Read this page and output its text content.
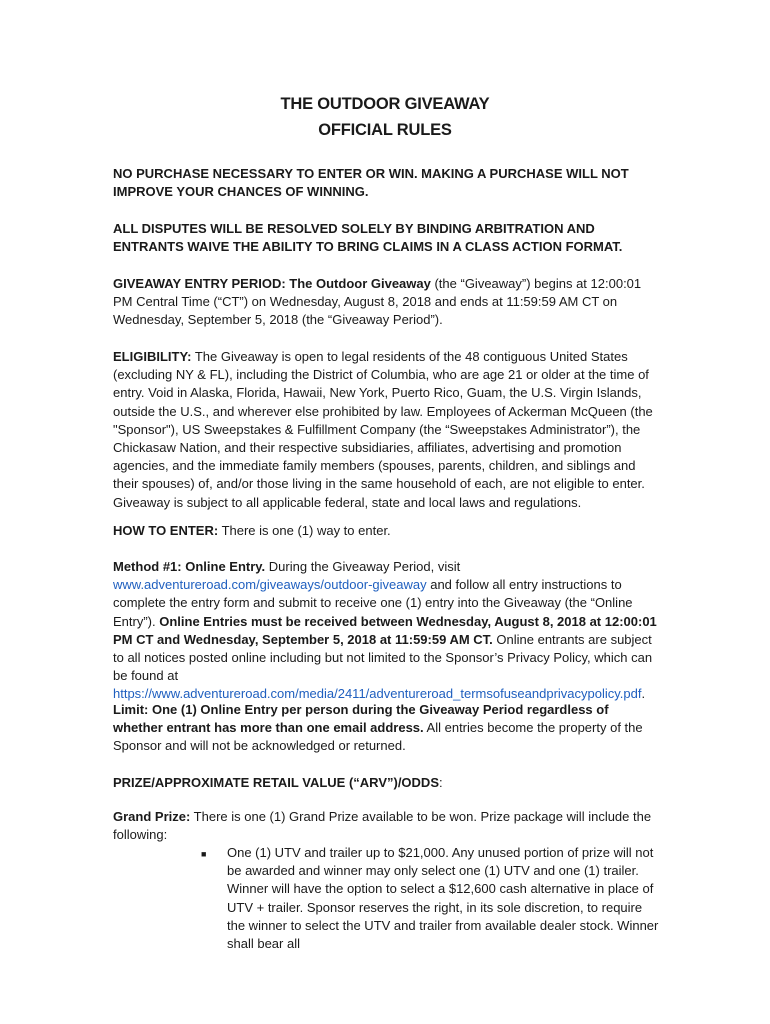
THE OUTDOOR GIVEAWAY
OFFICIAL RULES
NO PURCHASE NECESSARY TO ENTER OR WIN. MAKING A PURCHASE WILL NOT IMPROVE YOUR CHANCES OF WINNING.
ALL DISPUTES WILL BE RESOLVED SOLELY BY BINDING ARBITRATION AND ENTRANTS WAIVE THE ABILITY TO BRING CLAIMS IN A CLASS ACTION FORMAT.
GIVEAWAY ENTRY PERIOD: The Outdoor Giveaway (the “Giveaway”) begins at 12:00:01 PM Central Time (“CT”) on Wednesday, August 8, 2018 and ends at 11:59:59 AM CT on Wednesday, September 5, 2018 (the “Giveaway Period”).
ELIGIBILITY: The Giveaway is open to legal residents of the 48 contiguous United States (excluding NY & FL), including the District of Columbia, who are age 21 or older at the time of entry. Void in Alaska, Florida, Hawaii, New York, Puerto Rico, Guam, the U.S. Virgin Islands, outside the U.S., and wherever else prohibited by law. Employees of Ackerman McQueen (the "Sponsor"), US Sweepstakes & Fulfillment Company (the “Sweepstakes Administrator”), the Chickasaw Nation, and their respective subsidiaries, affiliates, advertising and promotion agencies, and the immediate family members (spouses, parents, children, and siblings and their spouses) of, and/or those living in the same household of each, are not eligible to enter. Giveaway is subject to all applicable federal, state and local laws and regulations.
HOW TO ENTER: There is one (1) way to enter.
Method #1: Online Entry. During the Giveaway Period, visit www.adventureroad.com/giveaways/outdoor-giveaway and follow all entry instructions to complete the entry form and submit to receive one (1) entry into the Giveaway (the “Online Entry”). Online Entries must be received between Wednesday, August 8, 2018 at 12:00:01 PM CT and Wednesday, September 5, 2018 at 11:59:59 AM CT. Online entrants are subject to all notices posted online including but not limited to the Sponsor’s Privacy Policy, which can be found at https://www.adventureroad.com/media/2411/adventureroad_termsofuseandprivacypolicy.pdf.
Limit: One (1) Online Entry per person during the Giveaway Period regardless of whether entrant has more than one email address. All entries become the property of the Sponsor and will not be acknowledged or returned.
PRIZE/APPROXIMATE RETAIL VALUE (“ARV”)/ODDS:
Grand Prize: There is one (1) Grand Prize available to be won. Prize package will include the following:
■ One (1) UTV and trailer up to $21,000. Any unused portion of prize will not be awarded and winner may only select one (1) UTV and one (1) trailer. Winner will have the option to select a $12,600 cash alternative in place of UTV + trailer. Sponsor reserves the right, in its sole discretion, to require the winner to select the UTV and trailer from available dealer stock. Winner shall bear all
